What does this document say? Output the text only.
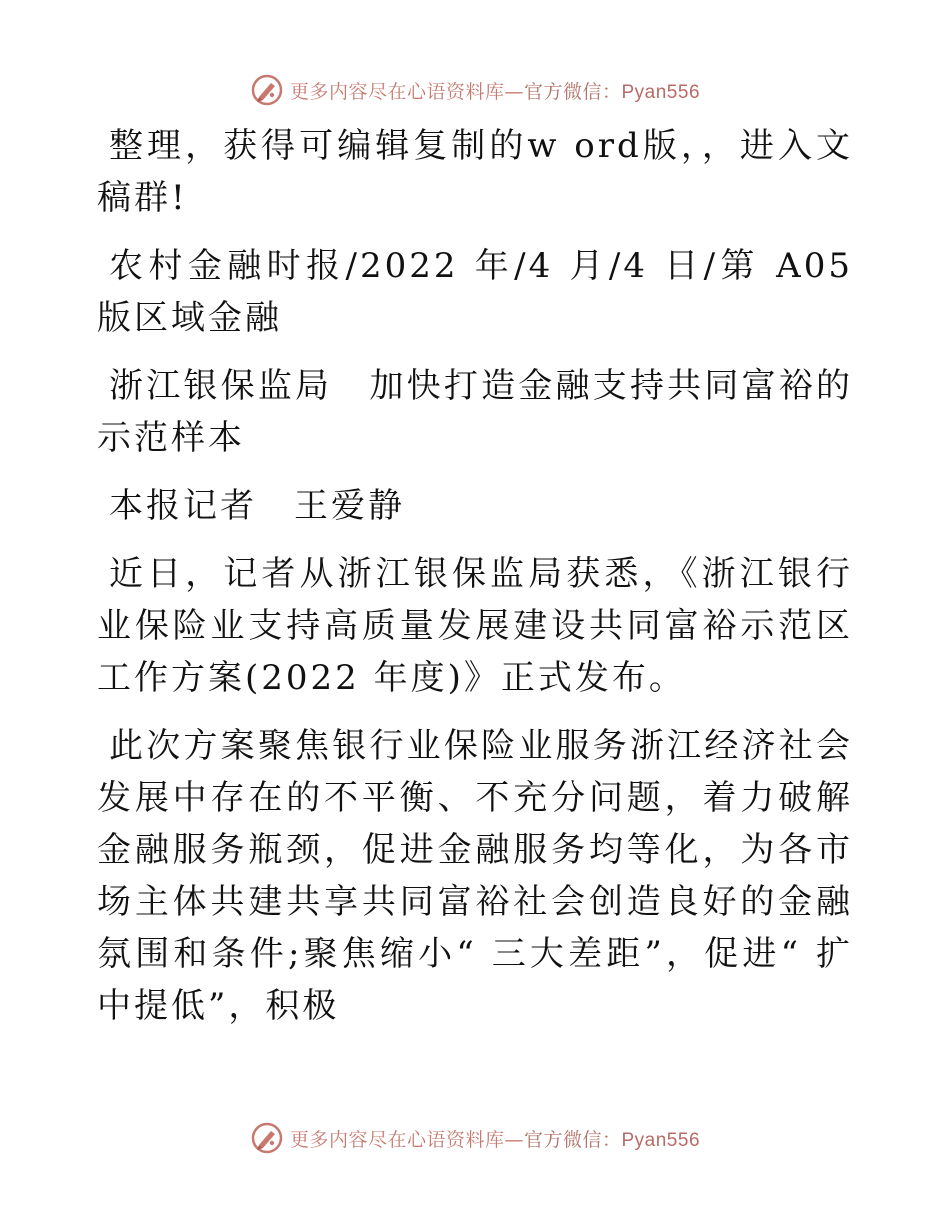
更多内容尽在心语资料库—官方微信：Pyan556

整理，获得可编辑复制的w ord版，，进入文稿群!

农村金融时报/2022 年/4 月/4 日/第 A05 版区域金融

浙江银保监局　加快打造金融支持共同富裕的示范样本

本报记者　王爱静

近日，记者从浙江银保监局获悉，《浙江银行业保险业支持高质量发展建设共同富裕示范区工作方案(2022 年度)》正式发布。

此次方案聚焦银行业保险业服务浙江经济社会发展中存在的不平衡、不充分问题，着力破解金融服务瓶颈，促进金融服务均等化，为各市场主体共建共享共同富裕社会创造良好的金融氛围和条件;聚焦缩小“ 三大差距”，促进“ 扩中提低”，积极

更多内容尽在心语资料库—官方微信：Pyan556
